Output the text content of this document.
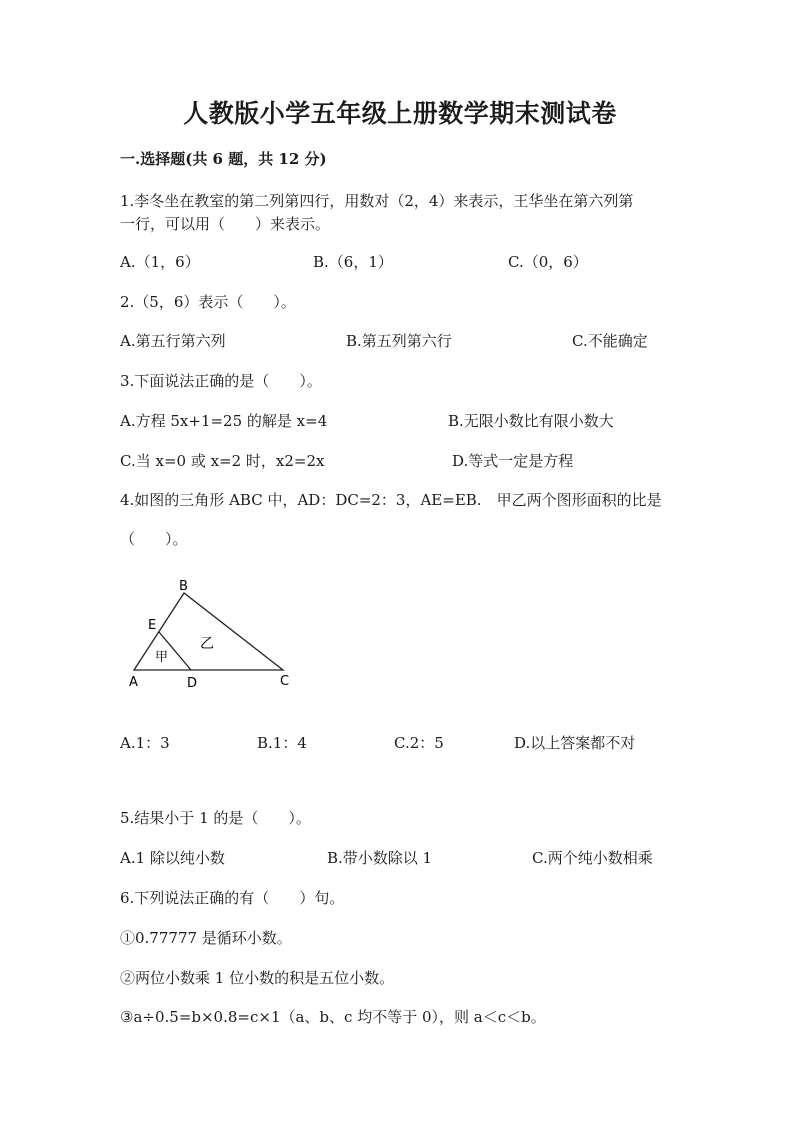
人教版小学五年级上册数学期末测试卷
一.选择题(共 6 题，共 12 分)
1.李冬坐在教室的第二列第四行，用数对（2，4）来表示，王华坐在第六列第
一行，可以用（　　）来表示。
A.（1，6）	B.（6，1）	C.（0，6）
2.（5，6）表示（　　）。
A.第五行第六列	B.第五列第六行	C.不能确定
3.下面说法正确的是（　　）。
A.方程 5x+1=25 的解是 x=4	B.无限小数比有限小数大
C.当 x=0 或 x=2 时，x2=2x	D.等式一定是方程
4.如图的三角形 ABC 中，AD：DC=2：3，AE=EB.　甲乙两个图形面积的比是
（　　）。
B
E
A	D	C
甲
乙
A.1：3	B.1：4	C.2：5	D.以上答案都不对
5.结果小于 1 的是（　　）。
A.1 除以纯小数	B.带小数除以 1	C.两个纯小数相乘
6.下列说法正确的有（　　）句。
①0.77777 是循环小数。
②两位小数乘 1 位小数的积是五位小数。
③a÷0.5=b×0.8=c×1（a、b、c 均不等于 0），则 a＜c＜b。
